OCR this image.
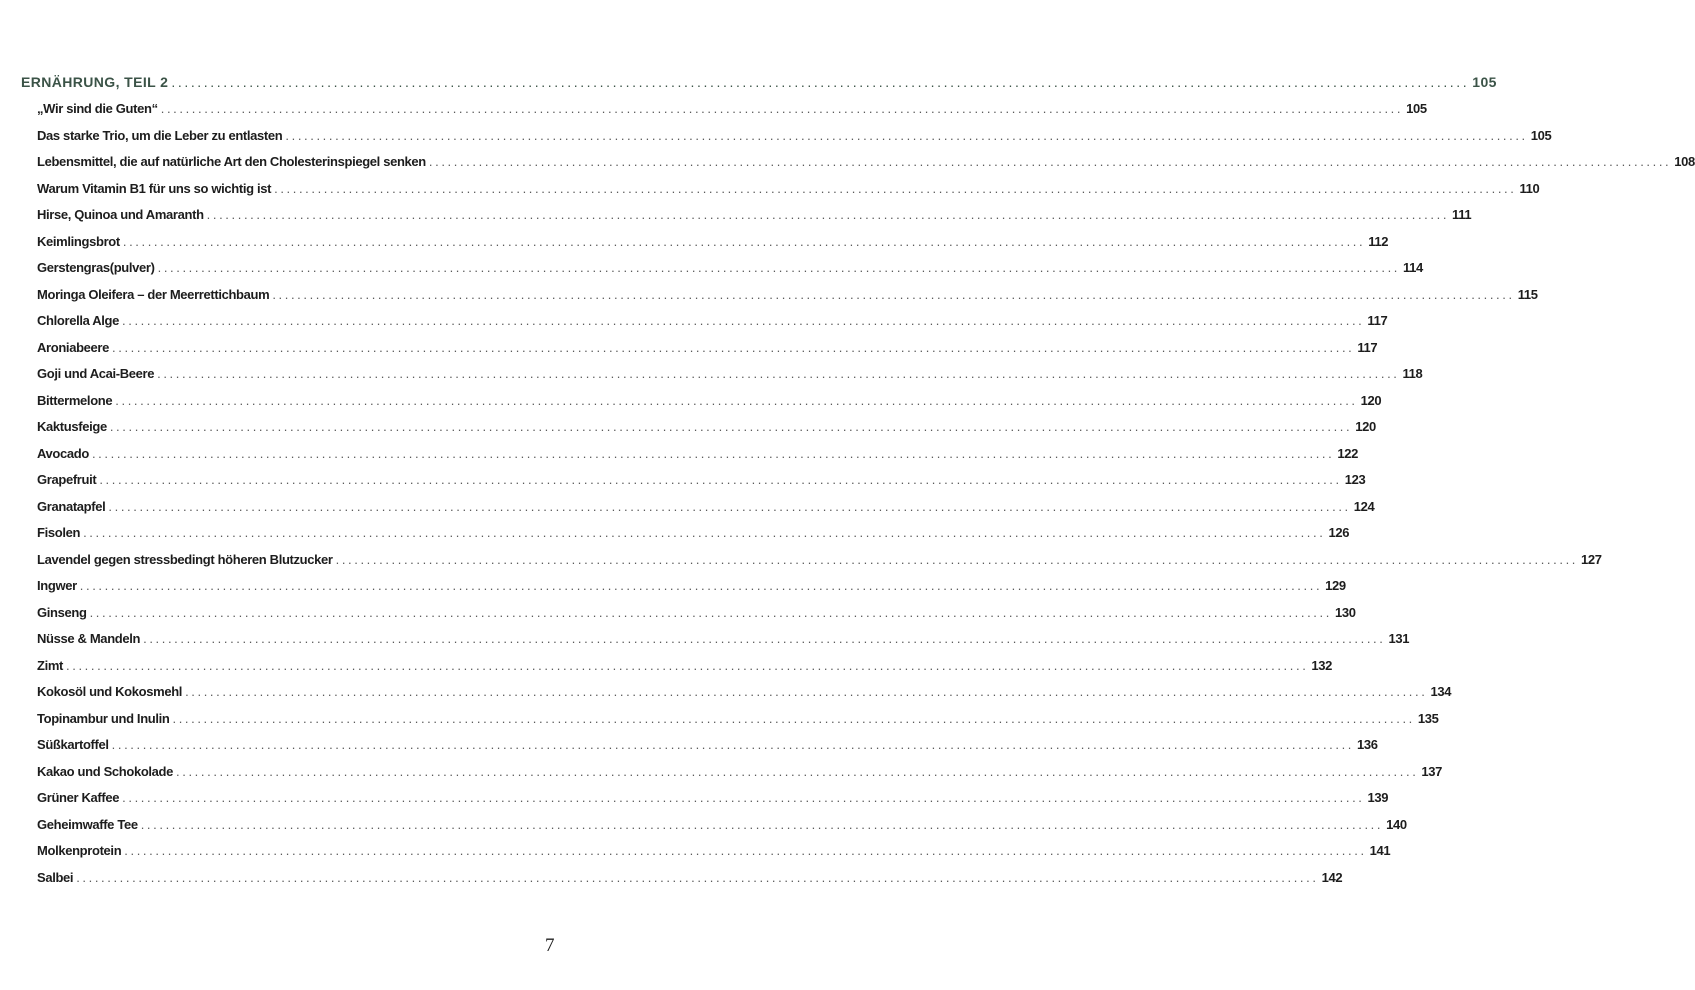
ERNÄHRUNG, TEIL 2 ........................................................................................................................................................................................................ 105
„Wir sind die Guten“ ........................................................................................................................................................................................................ 105
Das starke Trio, um die Leber zu entlasten ........................................................................................................................................................................................................ 105
Lebensmittel, die auf natürliche Art den Cholesterinspiegel senken ........................................................................................................................................................................................................ 108
Warum Vitamin B1 für uns so wichtig ist ........................................................................................................................................................................................................ 110
Hirse, Quinoa und Amaranth ........................................................................................................................................................................................................ 111
Keimlingsbrot ........................................................................................................................................................................................................ 112
Gerstengras(pulver) ........................................................................................................................................................................................................ 114
Moringa Oleifera – der Meerrettichbaum ........................................................................................................................................................................................................ 115
Chlorella Alge ........................................................................................................................................................................................................ 117
Aroniabeere ........................................................................................................................................................................................................ 117
Goji und Acai-Beere ........................................................................................................................................................................................................ 118
Bittermelone ........................................................................................................................................................................................................ 120
Kaktusfeige ........................................................................................................................................................................................................ 120
Avocado ........................................................................................................................................................................................................ 122
Grapefruit ........................................................................................................................................................................................................ 123
Granatapfel ........................................................................................................................................................................................................ 124
Fisolen ........................................................................................................................................................................................................ 126
Lavendel gegen stressbedingt höheren Blutzucker ........................................................................................................................................................................................................ 127
Ingwer ........................................................................................................................................................................................................ 129
Ginseng ........................................................................................................................................................................................................ 130
Nüsse & Mandeln ........................................................................................................................................................................................................ 131
Zimt ........................................................................................................................................................................................................ 132
Kokosöl und Kokosmehl ........................................................................................................................................................................................................ 134
Topinambur und Inulin ........................................................................................................................................................................................................ 135
Süßkartoffel ........................................................................................................................................................................................................ 136
Kakao und Schokolade ........................................................................................................................................................................................................ 137
Grüner Kaffee ........................................................................................................................................................................................................ 139
Geheimwaffe Tee ........................................................................................................................................................................................................ 140
Molkenprotein ........................................................................................................................................................................................................ 141
Salbei ........................................................................................................................................................................................................ 142
7
